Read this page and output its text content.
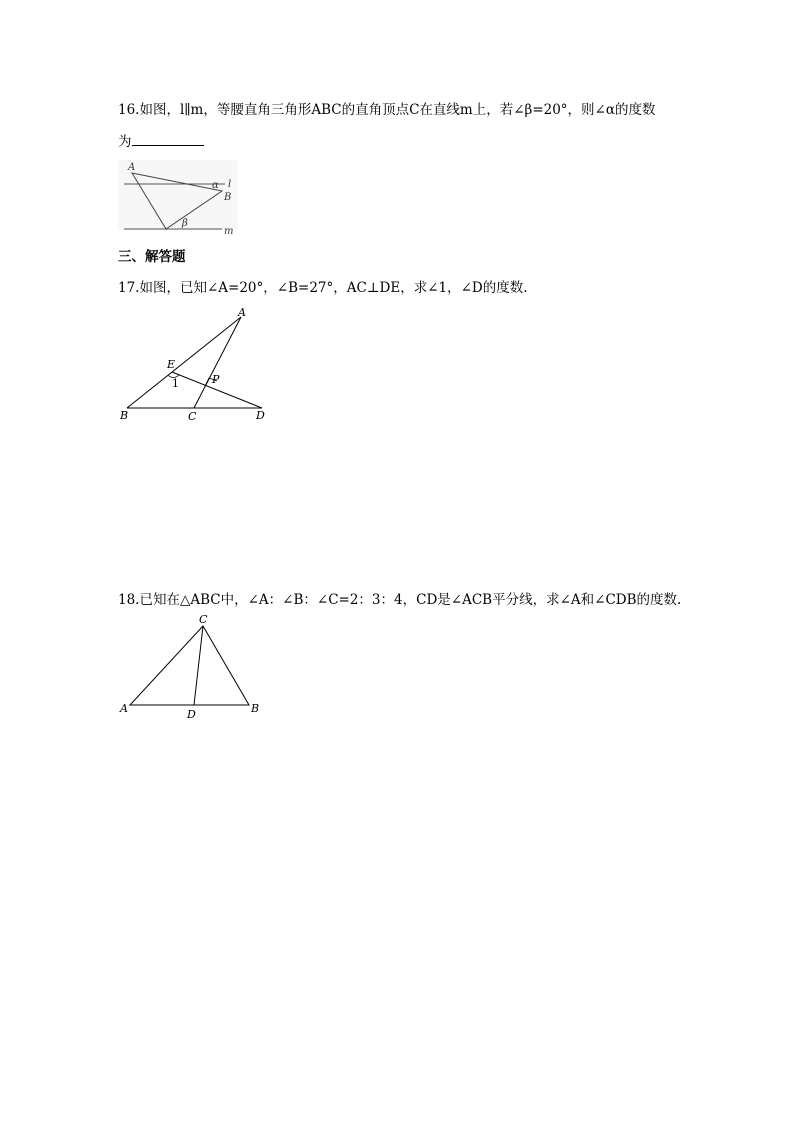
16.如图，l∥m，等腰直角三角形ABC的直角顶点C在直线m上，若∠β=20°，则∠α的度数
为
A
B
l
m
α
β
三、解答题
17.如图，已知∠A=20°，∠B=27°，AC⊥DE，求∠1，∠D的度数.
A
B	C	D
E
P
1
18.已知在△ABC中，∠A：∠B：∠C=2：3：4，CD是∠ACB平分线，求∠A和∠CDB的度数.
C
A	B
D
